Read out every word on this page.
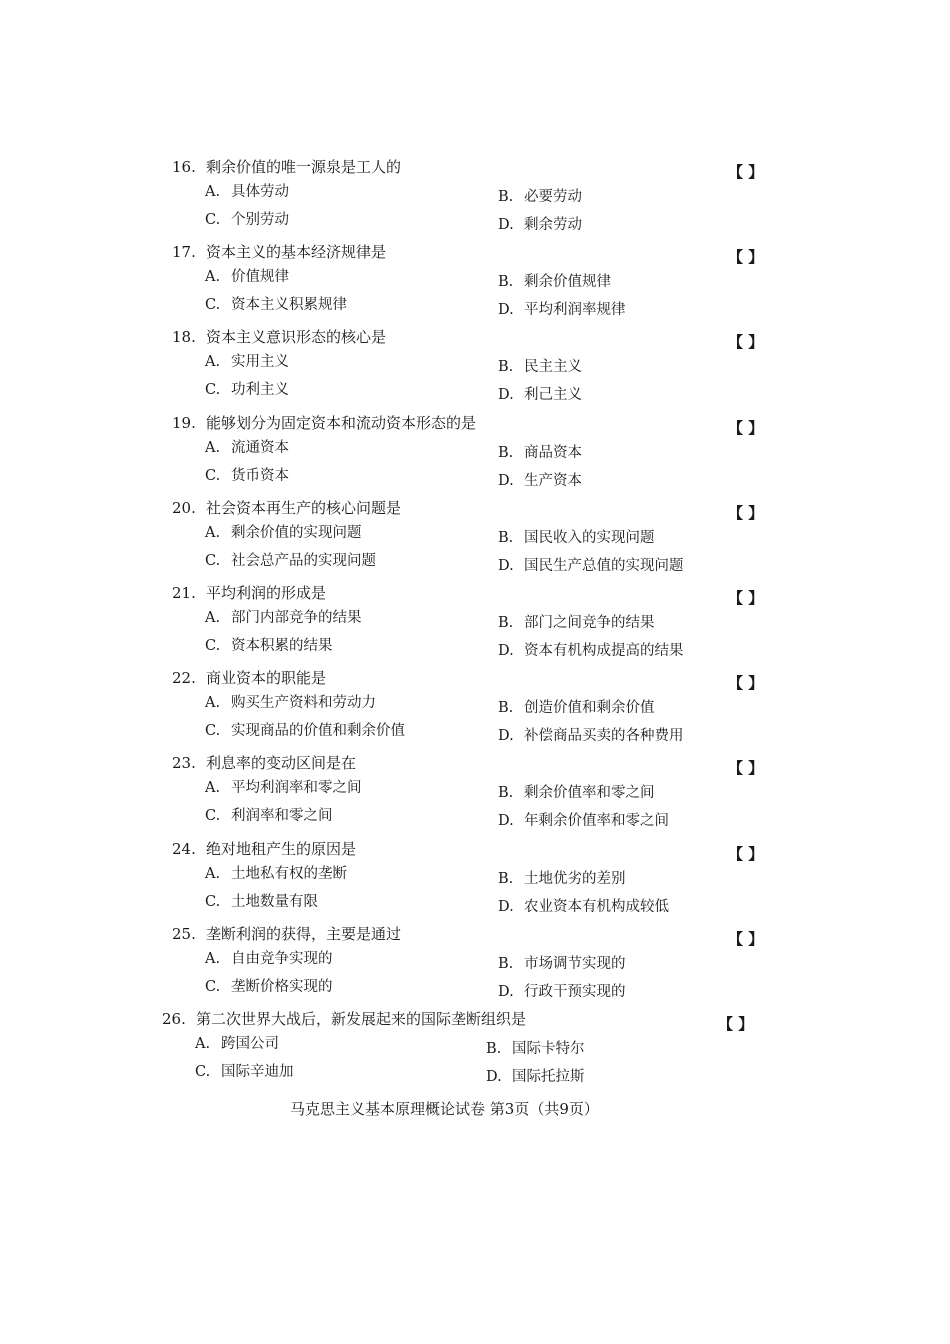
16. 剩余价值的唯一源泉是工人的	【 】
A. 具体劳动	B. 必要劳动
C. 个别劳动	D. 剩余劳动
17. 资本主义的基本经济规律是	【 】
A. 价值规律	B. 剩余价值规律
C. 资本主义积累规律	D. 平均利润率规律
18. 资本主义意识形态的核心是	【 】
A. 实用主义	B. 民主主义
C. 功利主义	D. 利己主义
19. 能够划分为固定资本和流动资本形态的是	【 】
A. 流通资本	B. 商品资本
C. 货币资本	D. 生产资本
20. 社会资本再生产的核心问题是	【 】
A. 剩余价值的实现问题	B. 国民收入的实现问题
C. 社会总产品的实现问题	D. 国民生产总值的实现问题
21. 平均利润的形成是	【 】
A. 部门内部竞争的结果	B. 部门之间竞争的结果
C. 资本积累的结果	D. 资本有机构成提高的结果
22. 商业资本的职能是	【 】
A. 购买生产资料和劳动力	B. 创造价值和剩余价值
C. 实现商品的价值和剩余价值	D. 补偿商品买卖的各种费用
23. 利息率的变动区间是在	【 】
A. 平均利润率和零之间	B. 剩余价值率和零之间
C. 利润率和零之间	D. 年剩余价值率和零之间
24. 绝对地租产生的原因是	【 】
A. 土地私有权的垄断	B. 土地优劣的差别
C. 土地数量有限	D. 农业资本有机构成较低
25. 垄断利润的获得，主要是通过	【 】
A. 自由竞争实现的	B. 市场调节实现的
C. 垄断价格实现的	D. 行政干预实现的
26. 第二次世界大战后，新发展起来的国际垄断组织是	【 】
A. 跨国公司	B. 国际卡特尔
C. 国际辛迪加	D. 国际托拉斯
马克思主义基本原理概论试卷 第3页（共9页）
